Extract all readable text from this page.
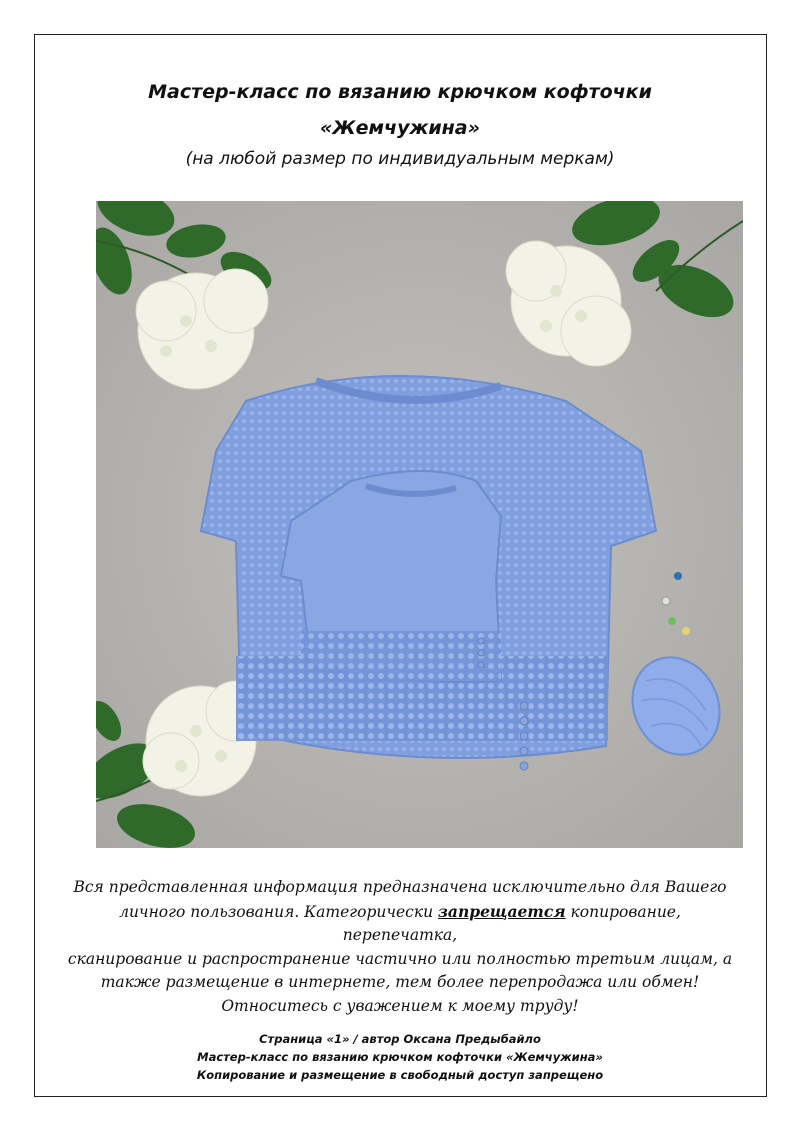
Мастер-класс по вязанию крючком кофточки
«Жемчужина»
(на любой размер по индивидуальным меркам)
Вся представленная информация предназначена исключительно для Вашего
личного пользования. Категорически запрещается копирование, перепечатка,
сканирование и распространение частично или полностью третьим лицам, а
также размещение в интернете, тем более перепродажа или обмен!
Относитесь с уважением к моему труду!
Страница «1» / автор Оксана Предыбайло
Мастер-класс по вязанию крючком кофточки «Жемчужина»
Копирование и размещение в свободный доступ запрещено
